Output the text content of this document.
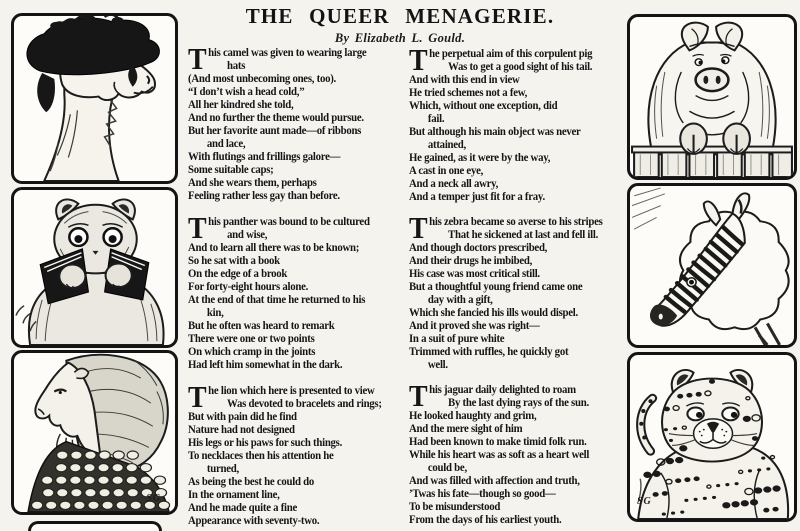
THE QUEER MENAGERIE.
By Elizabeth L. Gould.
This camel was given to wearing large
hats
(And most unbecoming ones, too).
“I don’t wish a head cold,”
All her kindred she told,
And no further the theme would pursue.
But her favorite aunt made—of ribbons
and lace,
With flutings and frillings galore—
Some suitable caps;
And she wears them, perhaps
Feeling rather less gay than before.
This panther was bound to be cultured
and wise,
And to learn all there was to be known;
So he sat with a book
On the edge of a brook
For forty-eight hours alone.
At the end of that time he returned to his
kin,
But he often was heard to remark
There were one or two points
On which cramp in the joints
Had left him somewhat in the dark.
The lion which here is presented to view
Was devoted to bracelets and rings;
But with pain did he find
Nature had not designed
His legs or his paws for such things.
To necklaces then his attention he
turned,
As being the best he could do
In the ornament line,
And he made quite a fine
Appearance with seventy-two.
The perpetual aim of this corpulent pig
Was to get a good sight of his tail.
And with this end in view
He tried schemes not a few,
Which, without one exception, did
fail.
But although his main object was never
attained,
He gained, as it were by the way,
A cast in one eye,
And a neck all awry,
And a temper just fit for a fray.
This zebra became so averse to his stripes
That he sickened at last and fell ill.
And though doctors prescribed,
And their drugs he imbibed,
His case was most critical still.
But a thoughtful young friend came one
day with a gift,
Which she fancied his ills would dispel.
And it proved she was right—
In a suit of pure white
Trimmed with ruffles, he quickly got
well.
This jaguar daily delighted to roam
By the last dying rays of the sun.
He looked haughty and grim,
And the mere sight of him
Had been known to make timid folk run.
While his heart was as soft as a heart well
could be,
And was filled with affection and truth,
’Twas his fate—though so good—
To be misunderstood
From the days of his earliest youth.
SG	SG
